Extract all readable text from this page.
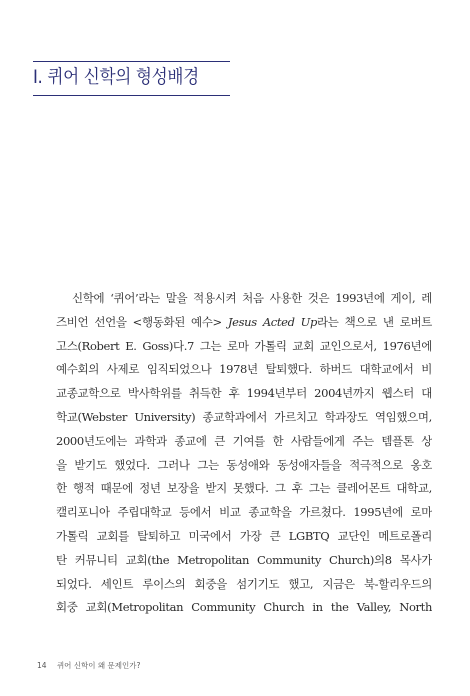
I. 퀴어 신학의 형성배경
신학에 ‘퀴어’라는 말을 적용시켜 처음 사용한 것은 1993년에 게이, 레
즈비언 선언을 <행동화된 예수> Jesus Acted Up라는 책으로 낸 로버트
고스(Robert E. Goss)다.7 그는 로마 가톨릭 교회 교인으로서, 1976년에
예수회의 사제로 임직되었으나 1978년 탈퇴했다. 하버드 대학교에서 비
교종교학으로 박사학위를 취득한 후 1994년부터 2004년까지 웹스터 대
학교(Webster University) 종교학과에서 가르치고 학과장도 역임했으며,
2000년도에는 과학과 종교에 큰 기여를 한 사람들에게 주는 템플톤 상
을 받기도 했었다. 그러나 그는 동성애와 동성애자들을 적극적으로 옹호
한 행적 때문에 정년 보장을 받지 못했다. 그 후 그는 클레어몬트 대학교,
캘리포니아 주립대학교 등에서 비교 종교학을 가르쳤다. 1995년에 로마
가톨릭 교회를 탈퇴하고 미국에서 가장 큰 LGBTQ 교단인 메트로폴리
탄 커뮤니티 교회(the Metropolitan Community Church)의8 목사가
되었다. 세인트 루이스의 회중을 섬기기도 했고, 지금은 북-할리우드의
회중 교회(Metropolitan Community Church in the Valley, North
14 퀴어 신학이 왜 문제인가?
